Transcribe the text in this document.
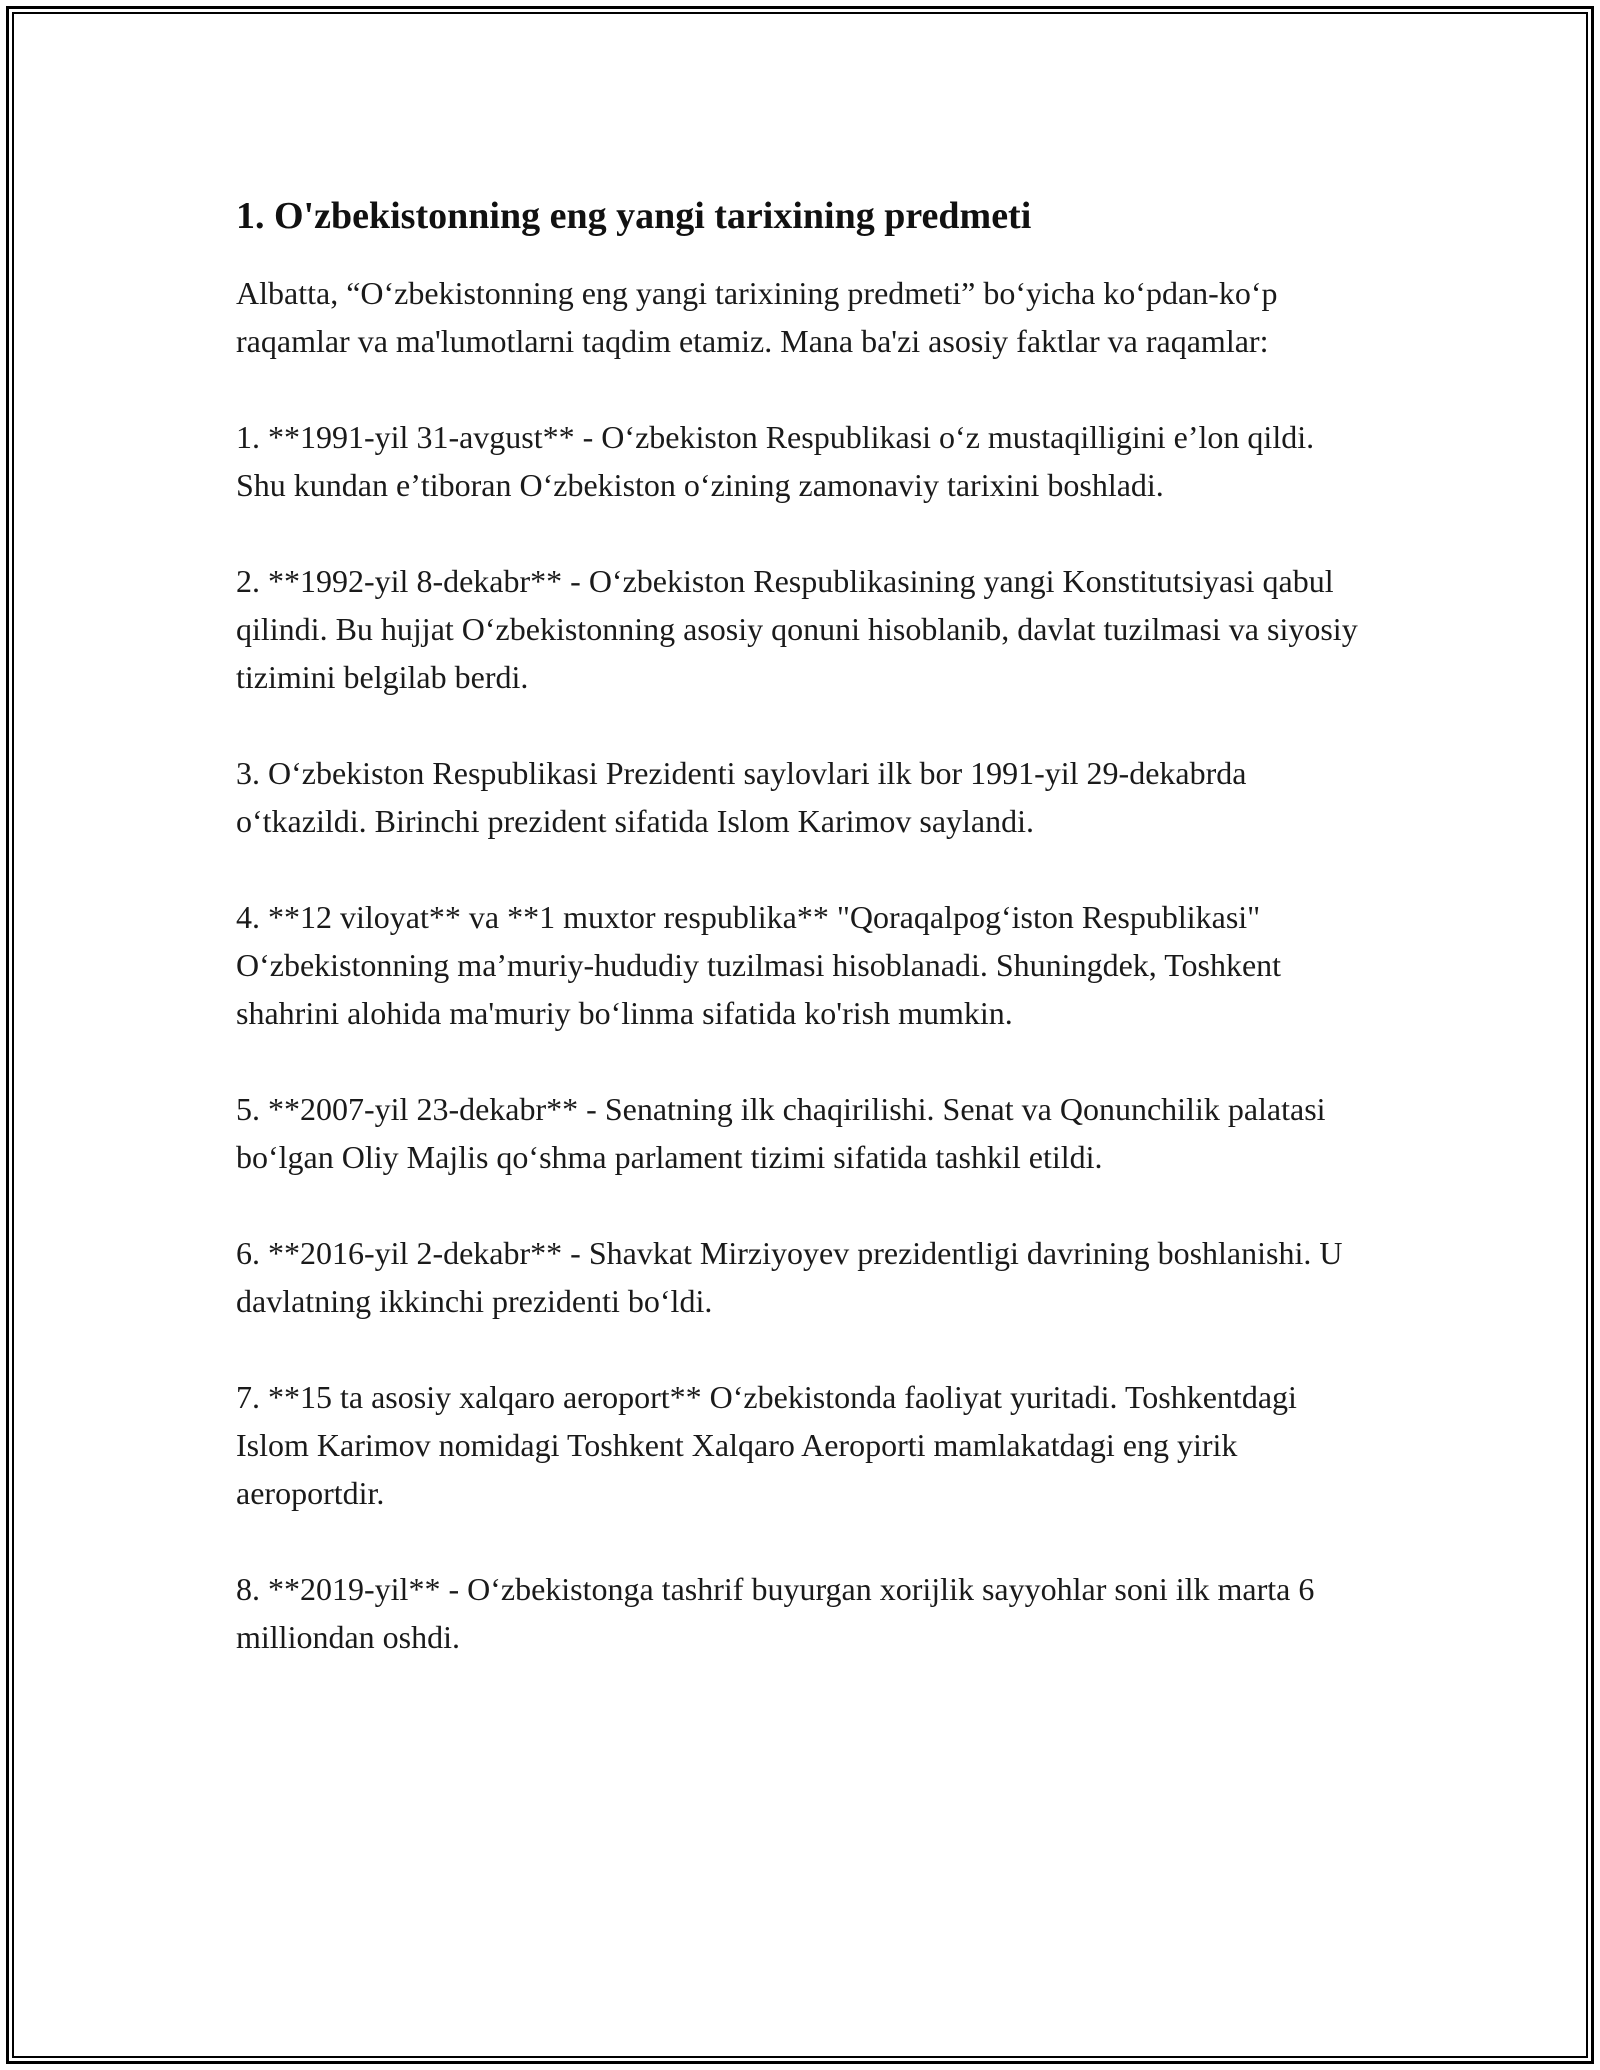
1. O'zbekistonning eng yangi tarixining predmeti

Albatta, “Oʻzbekistonning eng yangi tarixining predmeti” boʻyicha koʻpdan-koʻp raqamlar va ma'lumotlarni taqdim etamiz. Mana ba'zi asosiy faktlar va raqamlar:

1. **1991-yil 31-avgust** - Oʻzbekiston Respublikasi oʻz mustaqilligini eʼlon qildi. Shu kundan eʼtiboran Oʻzbekiston oʻzining zamonaviy tarixini boshladi.

2. **1992-yil 8-dekabr** - Oʻzbekiston Respublikasining yangi Konstitutsiyasi qabul qilindi. Bu hujjat Oʻzbekistonning asosiy qonuni hisoblanib, davlat tuzilmasi va siyosiy tizimini belgilab berdi.

3. Oʻzbekiston Respublikasi Prezidenti saylovlari ilk bor 1991-yil 29-dekabrda oʻtkazildi. Birinchi prezident sifatida Islom Karimov saylandi.

4. **12 viloyat** va **1 muxtor respublika** "Qoraqalpogʻiston Respublikasi" Oʻzbekistonning maʼmuriy-hududiy tuzilmasi hisoblanadi. Shuningdek, Toshkent shahrini alohida ma'muriy boʻlinma sifatida ko'rish mumkin.

5. **2007-yil 23-dekabr** - Senatning ilk chaqirilishi. Senat va Qonunchilik palatasi boʻlgan Oliy Majlis qoʻshma parlament tizimi sifatida tashkil etildi.

6. **2016-yil 2-dekabr** - Shavkat Mirziyoyev prezidentligi davrining boshlanishi. U davlatning ikkinchi prezidenti boʻldi.

7. **15 ta asosiy xalqaro aeroport** Oʻzbekistonda faoliyat yuritadi. Toshkentdagi Islom Karimov nomidagi Toshkent Xalqaro Aeroporti mamlakatdagi eng yirik aeroportdir.

8. **2019-yil** - Oʻzbekistonga tashrif buyurgan xorijlik sayyohlar soni ilk marta 6 milliondan oshdi.
